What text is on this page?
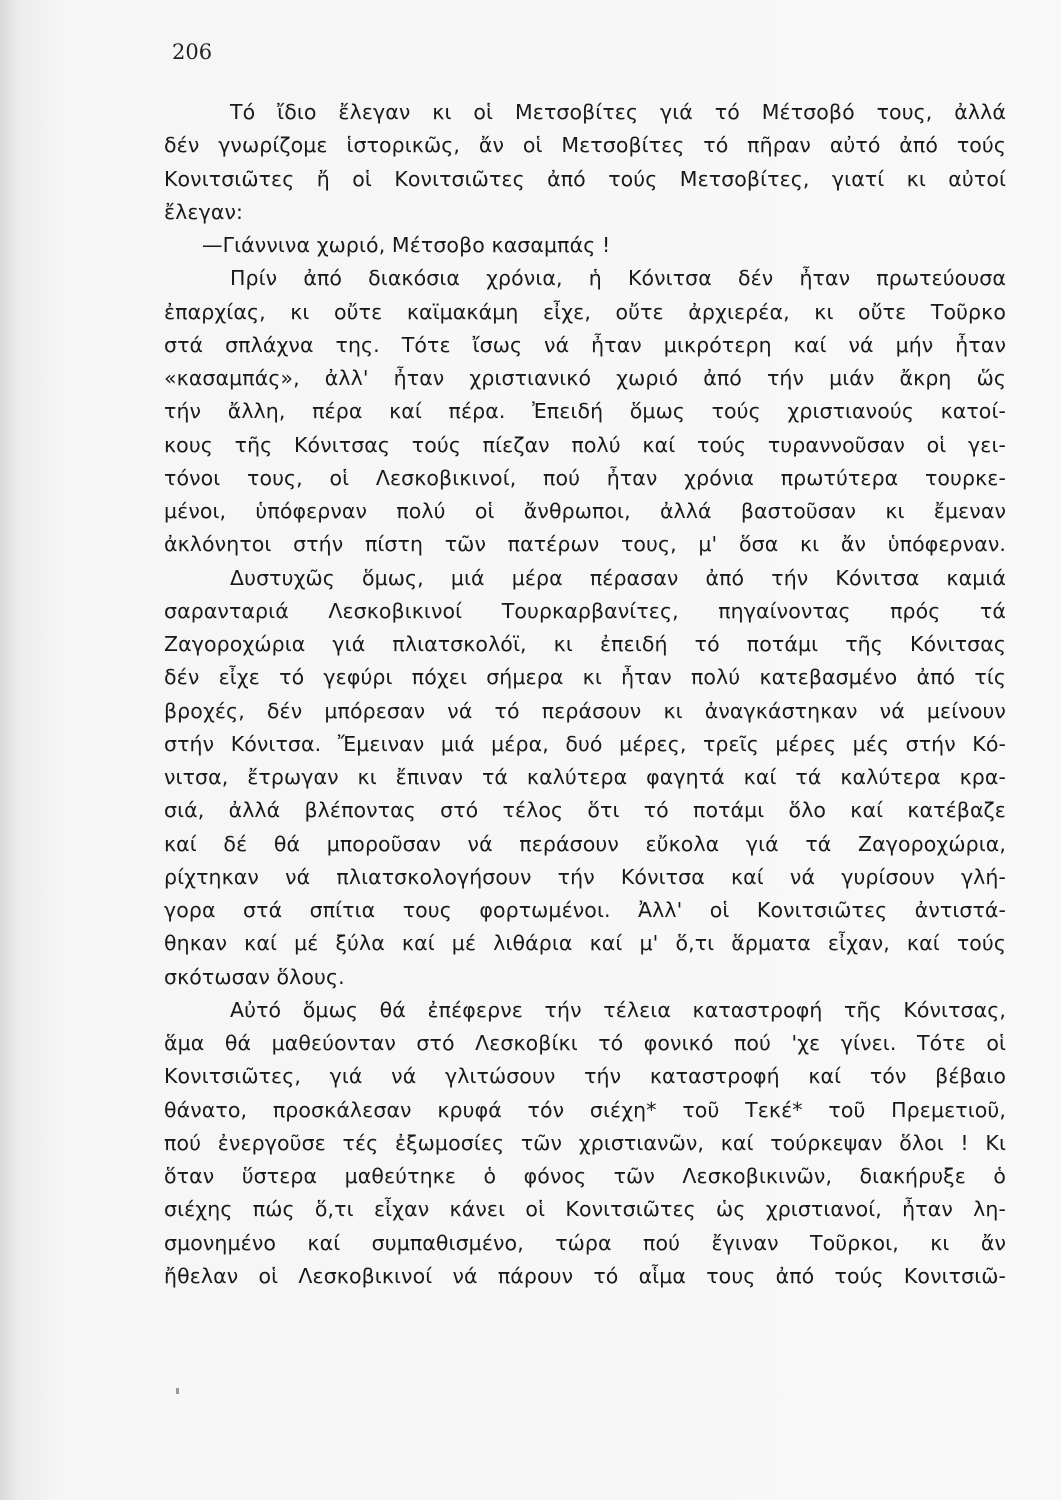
206
Τό ἴδιο ἔλεγαν κι οἱ Μετσοβίτες γιά τό Μέτσοβό τους, ἀλλά
δέν γνωρίζομε ἱστορικῶς, ἄν οἱ Μετσοβίτες τό πῆραν αὐτό ἀπό τούς
Κονιτσιῶτες ἤ οἱ Κονιτσιῶτες ἀπό τούς Μετσοβίτες, γιατί κι αὐτοί
ἔλεγαν:
—Γιάννινα χωριό, Μέτσοβο κασαμπάς !
Πρίν ἀπό διακόσια χρόνια, ἡ Κόνιτσα δέν ἦταν πρωτεύουσα
ἐπαρχίας, κι οὔτε καϊμακάμη εἶχε, οὔτε ἀρχιερέα, κι οὔτε Τοῦρκο
στά σπλάχνα της. Τότε ἴσως νά ἦταν μικρότερη καί νά μήν ἦταν
«κασαμπάς», ἀλλ' ἦταν χριστιανικό χωριό ἀπό τήν μιάν ἄκρη ὥς
τήν ἄλλη, πέρα καί πέρα. Ἐπειδή ὅμως τούς χριστιανούς κατοί-
κους τῆς Κόνιτσας τούς πίεζαν πολύ καί τούς τυραννοῦσαν οἱ γει-
τόνοι τους, οἱ Λεσκοβικινοί, πού ἦταν χρόνια πρωτύτερα τουρκε-
μένοι, ὑπόφερναν πολύ οἱ ἄνθρωποι, ἀλλά βαστοῦσαν κι ἔμεναν
ἀκλόνητοι στήν πίστη τῶν πατέρων τους, μ' ὅσα κι ἄν ὑπόφερναν.
Δυστυχῶς ὅμως, μιά μέρα πέρασαν ἀπό τήν Κόνιτσα καμιά
σαρανταριά Λεσκοβικινοί Τουρκαρβανίτες, πηγαίνοντας πρός τά
Ζαγοροχώρια γιά πλιατσκολόϊ, κι ἐπειδή τό ποτάμι τῆς Κόνιτσας
δέν εἶχε τό γεφύρι πόχει σήμερα κι ἦταν πολύ κατεβασμένο ἀπό τίς
βροχές, δέν μπόρεσαν νά τό περάσουν κι ἀναγκάστηκαν νά μείνουν
στήν Κόνιτσα. Ἔμειναν μιά μέρα, δυό μέρες, τρεῖς μέρες μές στήν Κό-
νιτσα, ἔτρωγαν κι ἔπιναν τά καλύτερα φαγητά καί τά καλύτερα κρα-
σιά, ἀλλά βλέποντας στό τέλος ὅτι τό ποτάμι ὅλο καί κατέβαζε
καί δέ θά μποροῦσαν νά περάσουν εὔκολα γιά τά Ζαγοροχώρια,
ρίχτηκαν νά πλιατσκολογήσουν τήν Κόνιτσα καί νά γυρίσουν γλή-
γορα στά σπίτια τους φορτωμένοι. Ἀλλ' οἱ Κονιτσιῶτες ἀντιστά-
θηκαν καί μέ ξύλα καί μέ λιθάρια καί μ' ὅ,τι ἅρματα εἶχαν, καί τούς
σκότωσαν ὅλους.
Αὐτό ὅμως θά ἐπέφερνε τήν τέλεια καταστροφή τῆς Κόνιτσας,
ἅμα θά μαθεύονταν στό Λεσκοβίκι τό φονικό πού 'χε γίνει. Τότε οἱ
Κονιτσιῶτες, γιά νά γλιτώσουν τήν καταστροφή καί τόν βέβαιο
θάνατο, προσκάλεσαν κρυφά τόν σιέχη* τοῦ Τεκέ* τοῦ Πρεμετιοῦ,
πού ἐνεργοῦσε τές ἐξωμοσίες τῶν χριστιανῶν, καί τούρκεψαν ὅλοι ! Κι
ὅταν ὕστερα μαθεύτηκε ὁ φόνος τῶν Λεσκοβικινῶν, διακήρυξε ὁ
σιέχης πώς ὅ,τι εἶχαν κάνει οἱ Κονιτσιῶτες ὡς χριστιανοί, ἦταν λη-
σμονημένο καί συμπαθισμένο, τώρα πού ἔγιναν Τοῦρκοι, κι ἄν
ἤθελαν οἱ Λεσκοβικινοί νά πάρουν τό αἷμα τους ἀπό τούς Κονιτσιῶ-
